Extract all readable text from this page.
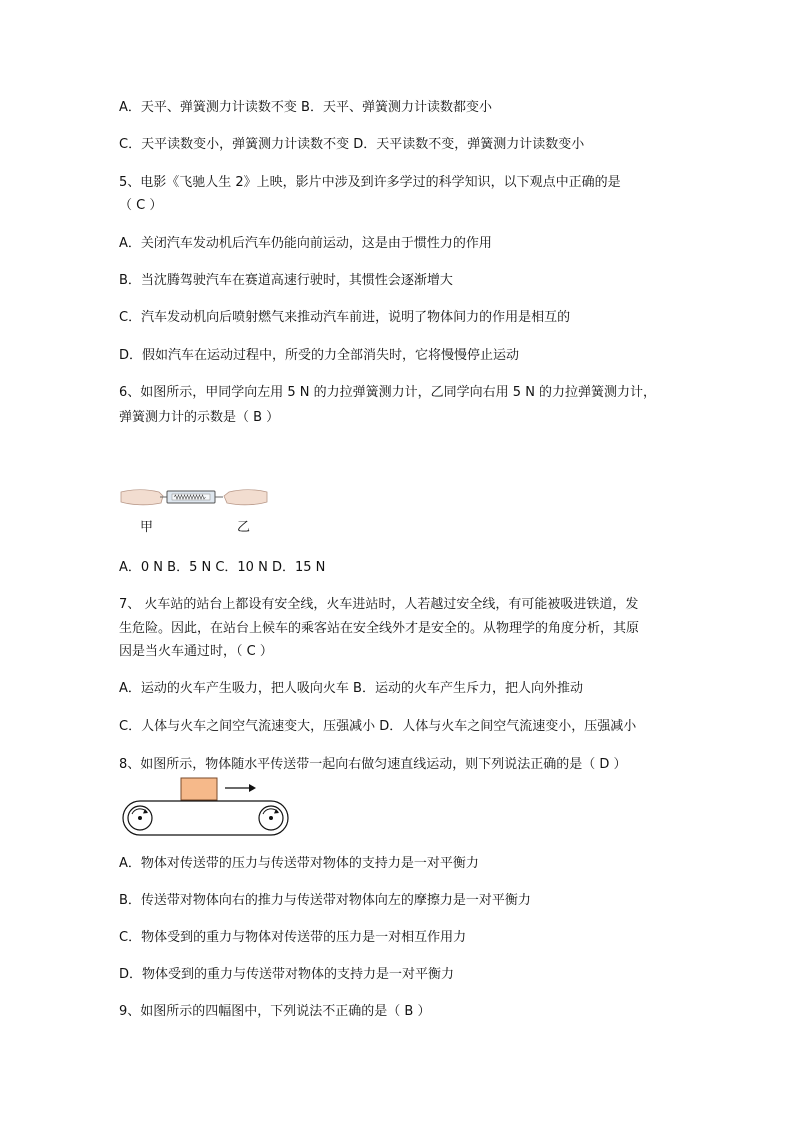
A．天平、弹簧测力计读数不变 B．天平、弹簧测力计读数都变小
C．天平读数变小，弹簧测力计读数不变 D．天平读数不变，弹簧测力计读数变小
5、电影《飞驰人生 2》上映，影片中涉及到许多学过的科学知识，以下观点中正确的是
（ C ）
A．关闭汽车发动机后汽车仍能向前运动，这是由于惯性力的作用
B．当沈腾驾驶汽车在赛道高速行驶时，其惯性会逐渐增大
C．汽车发动机向后喷射燃气来推动汽车前进，说明了物体间力的作用是相互的
D．假如汽车在运动过程中，所受的力全部消失时，它将慢慢停止运动
6、如图所示，甲同学向左用 5 N 的力拉弹簧测力计，乙同学向右用 5 N 的力拉弹簧测力计，
弹簧测力计的示数是（ B ）
甲	乙
A．0 N B．5 N C．10 N D．15 N
7、 火车站的站台上都设有安全线，火车进站时，人若越过安全线，有可能被吸进铁道，发
生危险。因此，在站台上候车的乘客站在安全线外才是安全的。从物理学的角度分析，其原
因是当火车通过时，（ C ）
A．运动的火车产生吸力，把人吸向火车 B．运动的火车产生斥力，把人向外推动
C．人体与火车之间空气流速变大，压强减小 D．人体与火车之间空气流速变小，压强减小
8、如图所示，物体随水平传送带一起向右做匀速直线运动，则下列说法正确的是（ D ）
A．物体对传送带的压力与传送带对物体的支持力是一对平衡力
B．传送带对物体向右的推力与传送带对物体向左的摩擦力是一对平衡力
C．物体受到的重力与物体对传送带的压力是一对相互作用力
D．物体受到的重力与传送带对物体的支持力是一对平衡力
9、如图所示的四幅图中，下列说法不正确的是（ B ）
